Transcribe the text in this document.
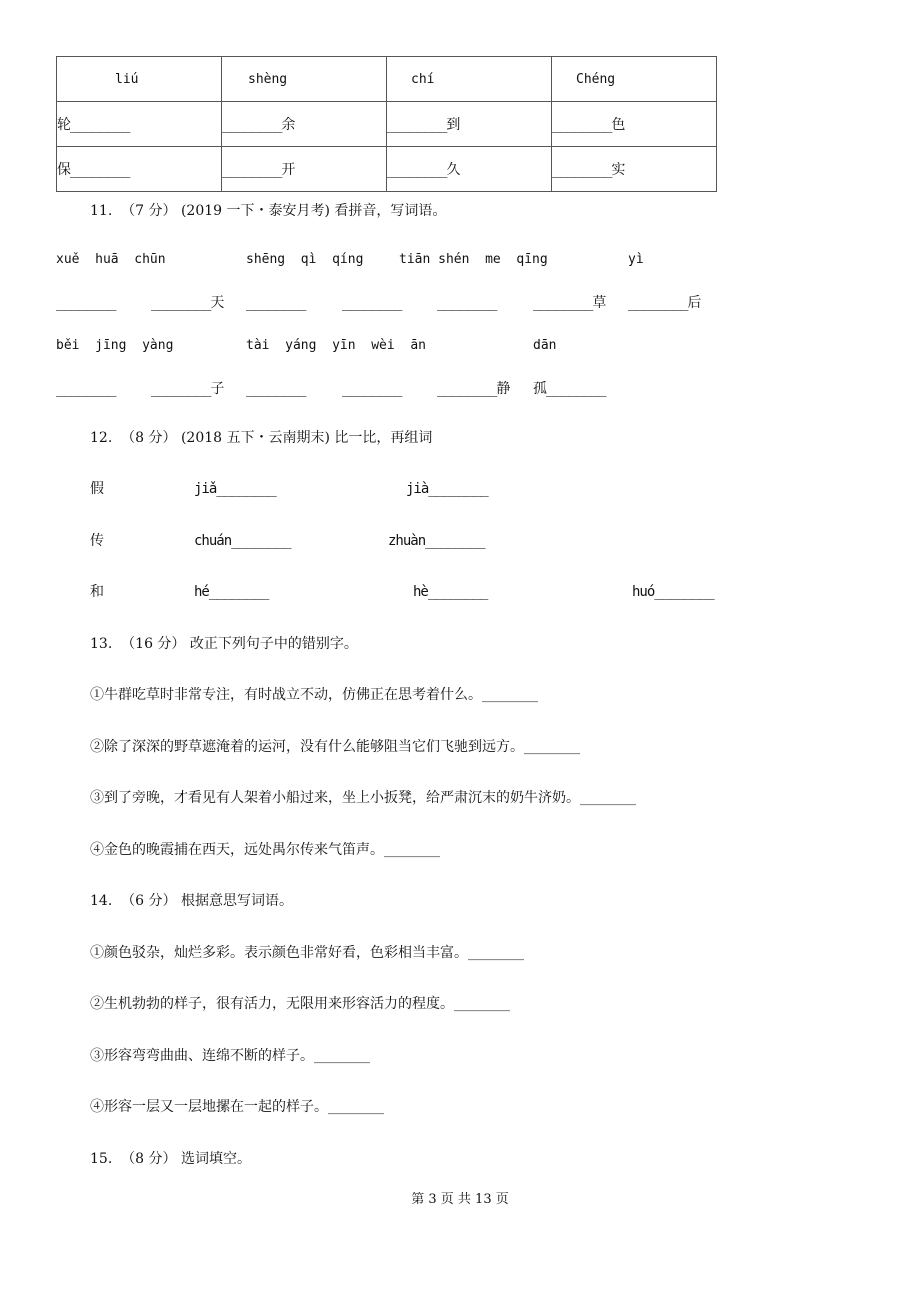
liú	shèng	chí	Chéng
轮________	________余	________到	________色
保________	________开	________久	________实
11.  （7 分） (2019 一下・泰安月考) 看拼音，写词语。
xuě  huā  chūn	shēng  qì  qíng	tiān shén  me  qīng	yì
________	________天 ________	________	________	________草 ________后
běi  jīng  yàng	tài  yáng  yīn  wèi  ān	dān
________	________子 ________	________	________静 孤________
12.  （8 分） (2018 五下・云南期末) 比一比，再组词
假	jiǎ________	jià________
传	chuán________	zhuàn________
和	hé________	hè________	huó________
13.  （16 分） 改正下列句子中的错别字。
①牛群吃草时非常专注，有时战立不动，仿佛正在思考着什么。________
②除了深深的野草遮淹着的运河，没有什么能够阻当它们飞驰到远方。________
③到了旁晚，才看见有人架着小船过来，坐上小扳凳，给严肃沉末的奶牛济奶。________
④金色的晚霞捕在西天，远处禺尔传来气笛声。________
14.  （6 分） 根据意思写词语。
①颜色驳杂，灿烂多彩。表示颜色非常好看，色彩相当丰富。________
②生机勃勃的样子，很有活力，无限用来形容活力的程度。________
③形容弯弯曲曲、连绵不断的样子。________
④形容一层又一层地摞在一起的样子。________
15.  （8 分） 选词填空。
第 3 页 共 13 页
